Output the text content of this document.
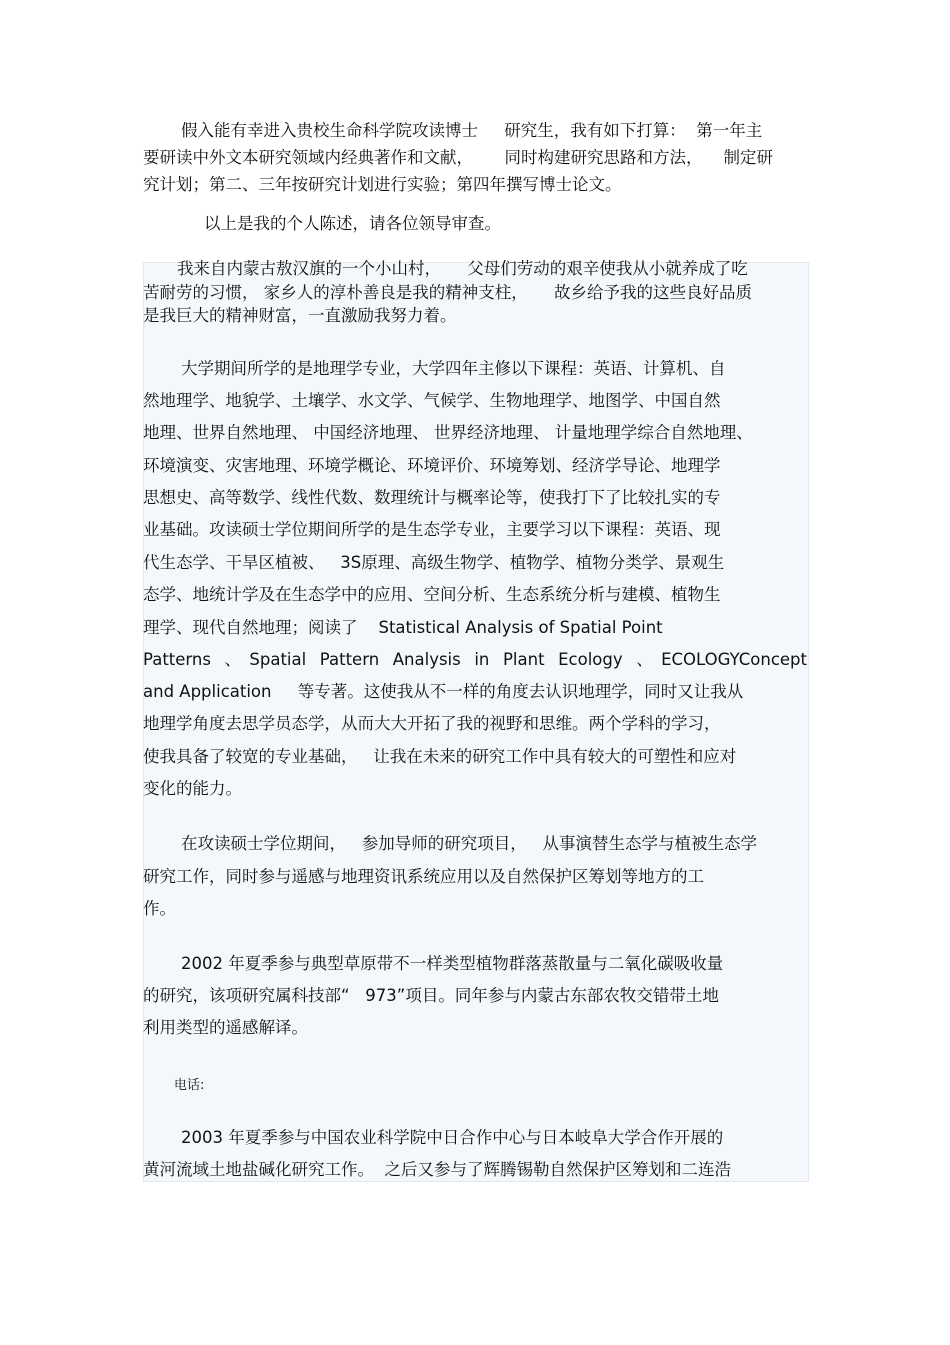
假入能有幸进入贵校生命科学院攻读博士     研究生，我有如下打算：  第一年主
要研读中外文本研究领域内经典著作和文献，      同时构建研究思路和方法，    制定研
究计划；第二、三年按研究计划进行实验；第四年撰写博士论文。
以上是我的个人陈述，请各位领导审查。
我来自内蒙古敖汉旗的一个小山村，     父母们劳动的艰辛使我从小就养成了吃
苦耐劳的习惯， 家乡人的淳朴善良是我的精神支柱，     故乡给予我的这些良好品质
是我巨大的精神财富，一直激励我努力着。
大学期间所学的是地理学专业，大学四年主修以下课程：英语、计算机、自
然地理学、地貌学、土壤学、水文学、气候学、生物地理学、地图学、中国自然
地理、世界自然地理、 中国经济地理、 世界经济地理、 计量地理学综合自然地理、
环境演变、灾害地理、环境学概论、环境评价、环境筹划、经济学导论、地理学
思想史、高等数学、线性代数、数理统计与概率论等，使我打下了比较扎实的专
业基础。攻读硕士学位期间所学的是生态学专业，主要学习以下课程：英语、现
代生态学、干旱区植被、   3S原理、高级生物学、植物学、植物分类学、景观生
态学、地统计学及在生态学中的应用、空间分析、生态系统分析与建模、植物生
理学、现代自然地理；阅读了    Statistical Analysis of Spatial Point
Patterns 、Spatial Pattern Analysis in Plant Ecology 、ECOLOGYConcept
and Application     等专著。这使我从不一样的角度去认识地理学，同时又让我从
地理学角度去思学员态学，从而大大开拓了我的视野和思维。两个学科的学习，
使我具备了较宽的专业基础，   让我在未来的研究工作中具有较大的可塑性和应对
变化的能力。
在攻读硕士学位期间，   参加导师的研究项目，   从事演替生态学与植被生态学
研究工作，同时参与遥感与地理资讯系统应用以及自然保护区筹划等地方的工
作。
2002 年夏季参与典型草原带不一样类型植物群落蒸散量与二氧化碳吸收量
的研究，该项研究属科技部“   973”项目。同年参与内蒙古东部农牧交错带土地
利用类型的遥感解译。
电话:
2003 年夏季参与中国农业科学院中日合作中心与日本岐阜大学合作开展的
黄河流域土地盐碱化研究工作。  之后又参与了辉腾锡勒自然保护区筹划和二连浩
